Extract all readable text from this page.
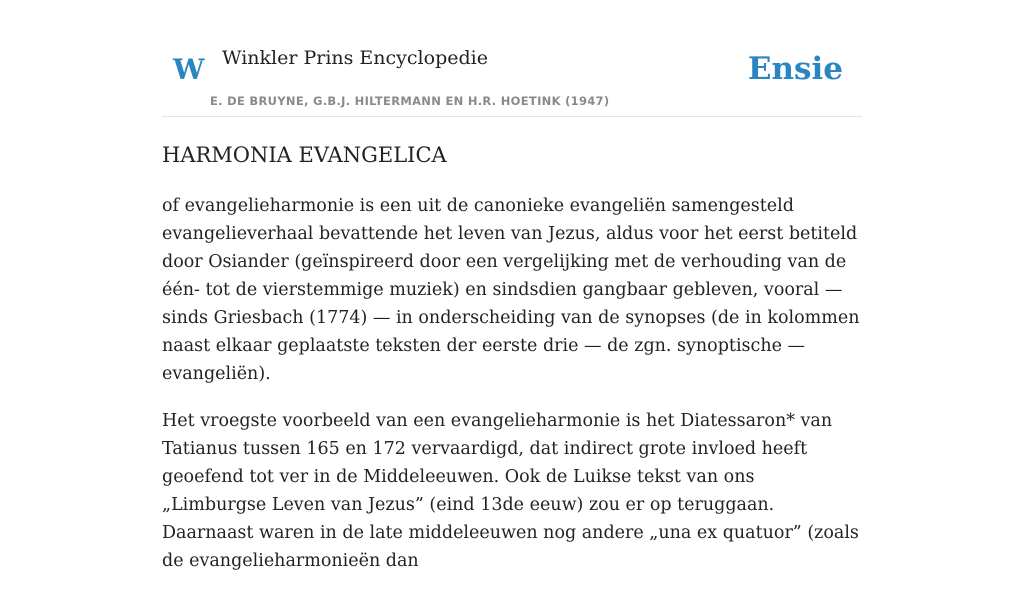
W Winkler Prins Encyclopedie
E. DE BRUYNE, G.B.J. HILTERMANN EN H.R. HOETINK (1947)
Ensie
HARMONIA EVANGELICA

of evangelieharmonie is een uit de canonieke evangeliën samengesteld evangelieverhaal bevattende het leven van Jezus, aldus voor het eerst betiteld door Osiander (geïnspireerd door een vergelijking met de verhouding van de één- tot de vierstemmige muziek) en sindsdien gangbaar gebleven, vooral — sinds Griesbach (1774) — in onderscheiding van de synopses (de in kolommen naast elkaar geplaatste teksten der eerste drie — de zgn. synoptische — evangeliën).

Het vroegste voorbeeld van een evangelieharmonie is het Diatessaron* van Tatianus tussen 165 en 172 vervaardigd, dat indirect grote invloed heeft geoefend tot ver in de Middeleeuwen. Ook de Luikse tekst van ons „Limburgse Leven van Jezus” (eind 13de eeuw) zou er op teruggaan. Daarnaast waren in de late middeleeuwen nog andere „una ex quatuor” (zoals de evangelieharmonieën dan
